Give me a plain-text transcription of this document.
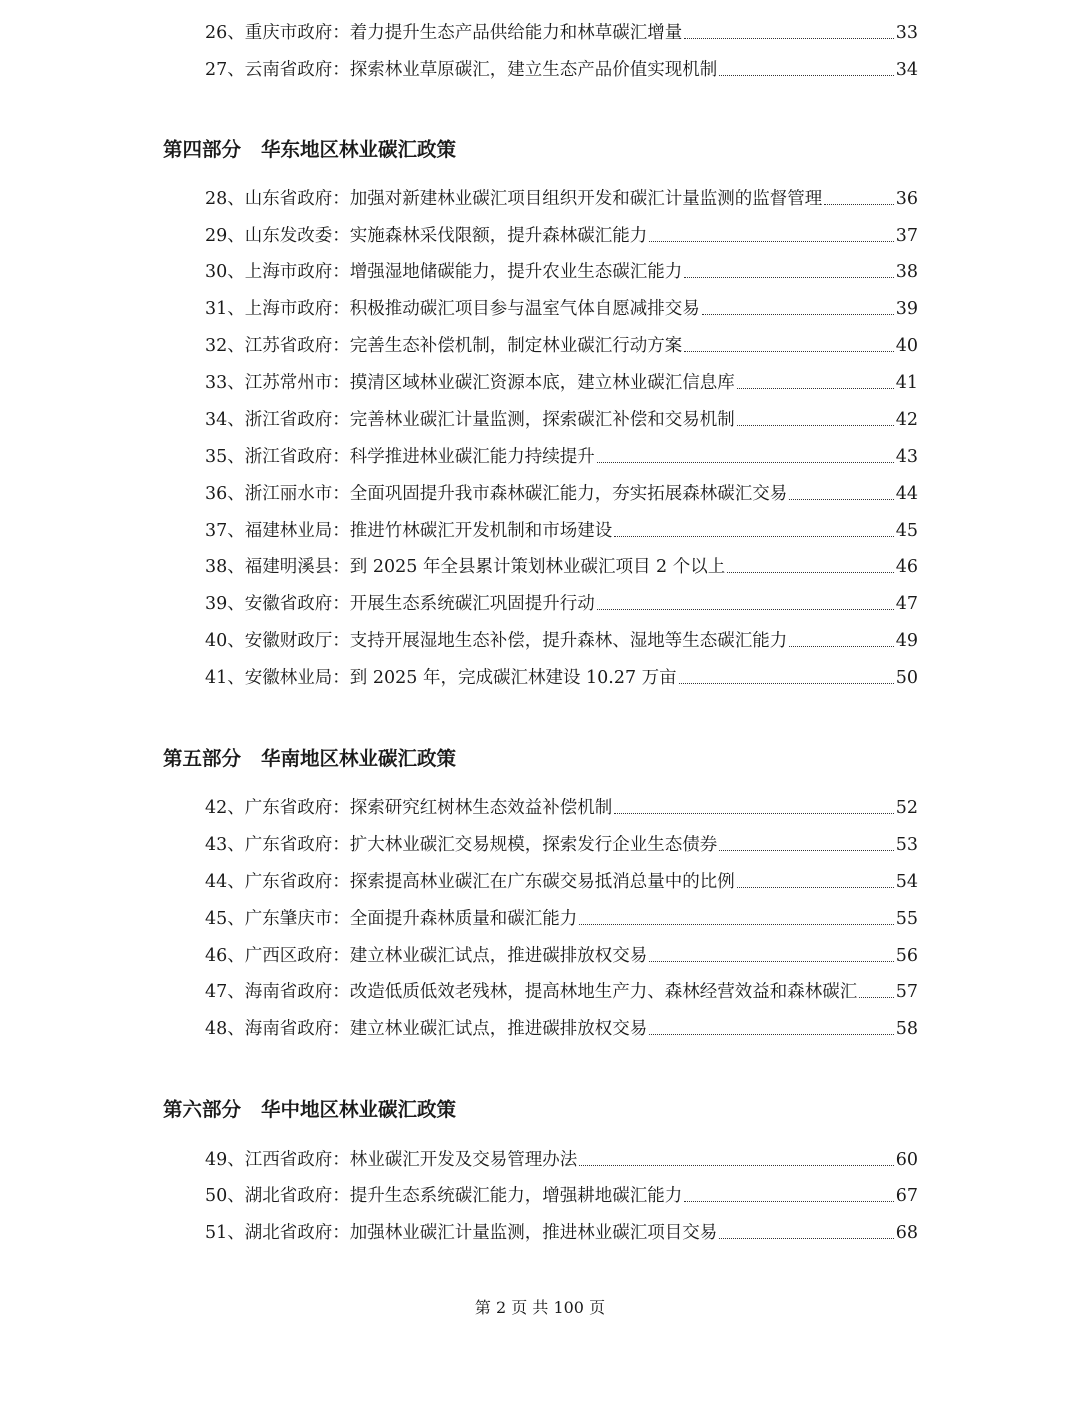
26、 重庆市政府：着力提升生态产品供给能力和林草碳汇增量	33
27、 云南省政府：探索林业草原碳汇，建立生态产品价值实现机制	34
第四部分 华东地区林业碳汇政策
28、 山东省政府：加强对新建林业碳汇项目组织开发和碳汇计量监测的监督管理	36
29、 山东发改委：实施森林采伐限额，提升森林碳汇能力	37
30、 上海市政府：增强湿地储碳能力，提升农业生态碳汇能力	38
31、 上海市政府：积极推动碳汇项目参与温室气体自愿减排交易	39
32、 江苏省政府：完善生态补偿机制，制定林业碳汇行动方案	40
33、 江苏常州市：摸清区域林业碳汇资源本底，建立林业碳汇信息库	41
34、 浙江省政府：完善林业碳汇计量监测，探索碳汇补偿和交易机制	42
35、 浙江省政府：科学推进林业碳汇能力持续提升	43
36、 浙江丽水市：全面巩固提升我市森林碳汇能力，夯实拓展森林碳汇交易	44
37、 福建林业局：推进竹林碳汇开发机制和市场建设	45
38、 福建明溪县：到 2025 年全县累计策划林业碳汇项目 2 个以上	46
39、 安徽省政府：开展生态系统碳汇巩固提升行动	47
40、 安徽财政厅：支持开展湿地生态补偿，提升森林、湿地等生态碳汇能力	49
41、 安徽林业局：到 2025 年，完成碳汇林建设 10.27 万亩	50
第五部分 华南地区林业碳汇政策
42、 广东省政府：探索研究红树林生态效益补偿机制	52
43、 广东省政府：扩大林业碳汇交易规模，探索发行企业生态债券	53
44、 广东省政府：探索提高林业碳汇在广东碳交易抵消总量中的比例	54
45、 广东肇庆市：全面提升森林质量和碳汇能力	55
46、 广西区政府：建立林业碳汇试点，推进碳排放权交易	56
47、 海南省政府：改造低质低效老残林，提高林地生产力、森林经营效益和森林碳汇 57
48、 海南省政府：建立林业碳汇试点，推进碳排放权交易	58
第六部分 华中地区林业碳汇政策
49、 江西省政府：林业碳汇开发及交易管理办法	60
50、 湖北省政府：提升生态系统碳汇能力，增强耕地碳汇能力	67
51、 湖北省政府：加强林业碳汇计量监测，推进林业碳汇项目交易	68
第 2 页 共 100 页
